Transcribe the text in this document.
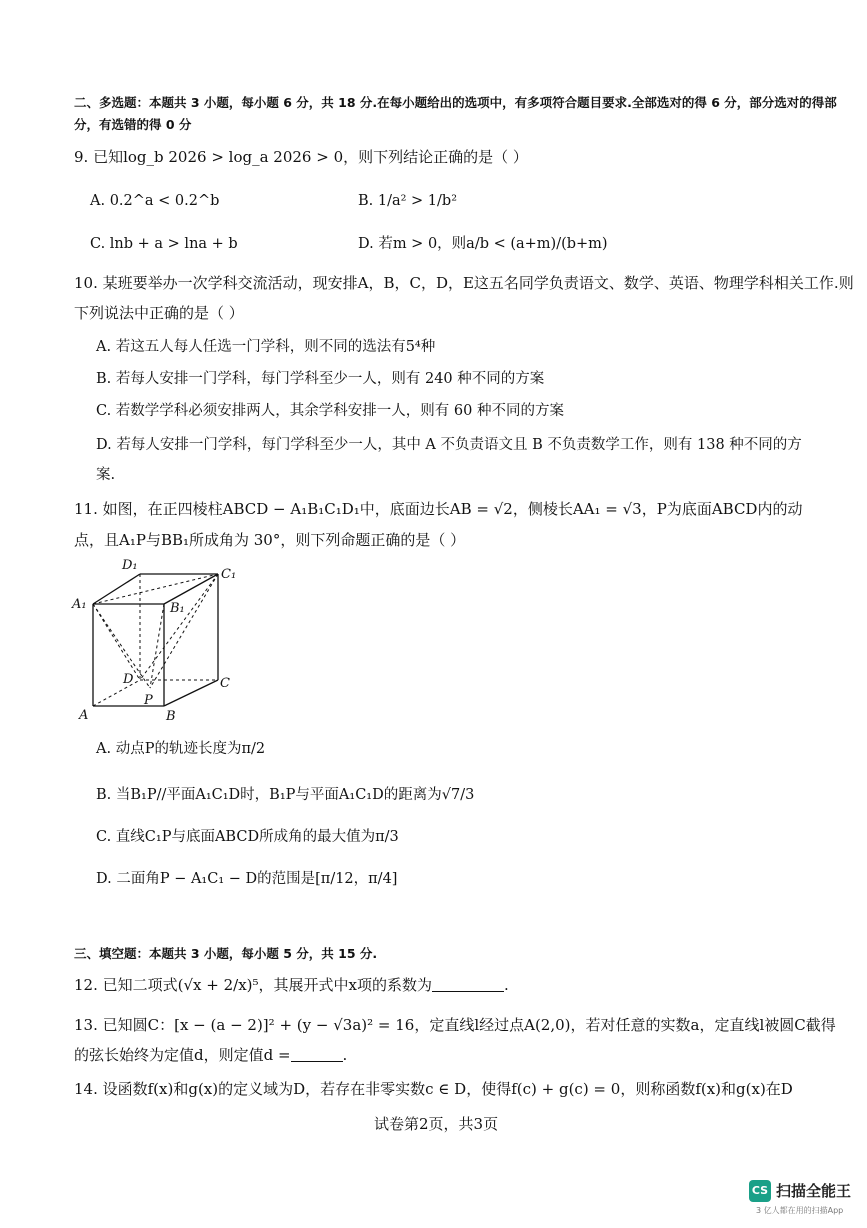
二、多选题：本题共 3 小题，每小题 6 分，共 18 分.在每小题给出的选项中，有多项符合题目要求.全部选对的得 6 分，部分选对的得部
分，有选错的得 0 分
9. 已知log_b 2026 > log_a 2026 > 0，则下列结论正确的是（ ）
A. 0.2^a < 0.2^b	B. 1/a² > 1/b²
C. lnb + a > lna + b	D. 若m > 0，则a/b < (a+m)/(b+m)
10. 某班要举办一次学科交流活动，现安排A，B，C，D，E这五名同学负责语文、数学、英语、物理学科相关工作.则
下列说法中正确的是（ ）
A. 若这五人每人任选一门学科，则不同的选法有5⁴种
B. 若每人安排一门学科，每门学科至少一人，则有 240 种不同的方案
C. 若数学学科必须安排两人，其余学科安排一人，则有 60 种不同的方案
D. 若每人安排一门学科，每门学科至少一人，其中 A 不负责语文且 B 不负责数学工作，则有 138 种不同的方
案.
11. 如图，在正四棱柱ABCD − A₁B₁C₁D₁中，底面边长AB = √2，侧棱长AA₁ = √3，P为底面ABCD内的动
点，且A₁P与BB₁所成角为 30°，则下列命题正确的是（ ）
D₁
C₁
A₁	B₁
D	C
P
A	B
A. 动点P的轨迹长度为π/2
B. 当B₁P//平面A₁C₁D时，B₁P与平面A₁C₁D的距离为√7/3
C. 直线C₁P与底面ABCD所成角的最大值为π/3
D. 二面角P − A₁C₁ − D的范围是[π/12，π/4]
三、填空题：本题共 3 小题，每小题 5 分，共 15 分.
12. 已知二项式(√x + 2/x)⁵，其展开式中x项的系数为	.
13. 已知圆C：[x − (a − 2)]² + (y − √3a)² = 16，定直线l经过点A(2,0)，若对任意的实数a，定直线l被圆C截得
的弦长始终为定值d，则定值d =	.
14. 设函数f(x)和g(x)的定义域为D，若存在非零实数c ∈ D，使得f(c) + g(c) = 0，则称函数f(x)和g(x)在D
试卷第2页，共3页
CS 扫描全能王
3 亿人都在用的扫描App
